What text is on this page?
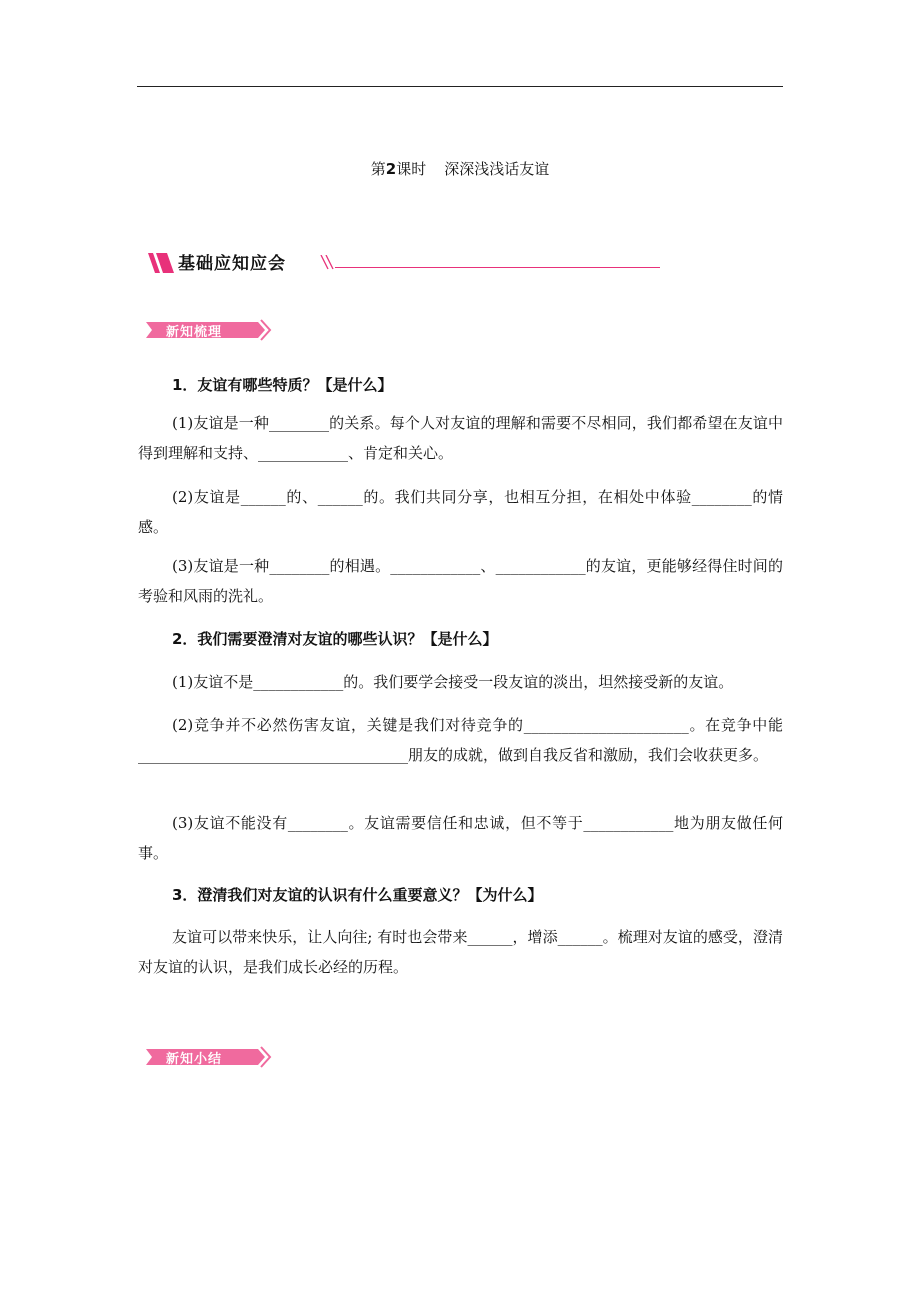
第2课时 深深浅浅话友谊
基础应知应会
新知梳理
1．友谊有哪些特质？【是什么】
(1)友谊是一种________的关系。每个人对友谊的理解和需要不尽相同，我们都希望在友谊中得到理解和支持、____________、肯定和关心。
(2)友谊是______的、______的。我们共同分享，也相互分担，在相处中体验________的情感。
(3)友谊是一种________的相遇。____________、____________的友谊，更能够经得住时间的考验和风雨的洗礼。
2．我们需要澄清对友谊的哪些认识？【是什么】
(1)友谊不是____________的。我们要学会接受一段友谊的淡出，坦然接受新的友谊。
(2)竞争并不必然伤害友谊，关键是我们对待竞争的______________________。在竞争中能____________________________________朋友的成就，做到自我反省和激励，我们会收获更多。
(3)友谊不能没有________。友谊需要信任和忠诚，但不等于____________地为朋友做任何事。
3．澄清我们对友谊的认识有什么重要意义？【为什么】
友谊可以带来快乐，让人向往; 有时也会带来______，增添______。梳理对友谊的感受，澄清对友谊的认识，是我们成长必经的历程。
新知小结
